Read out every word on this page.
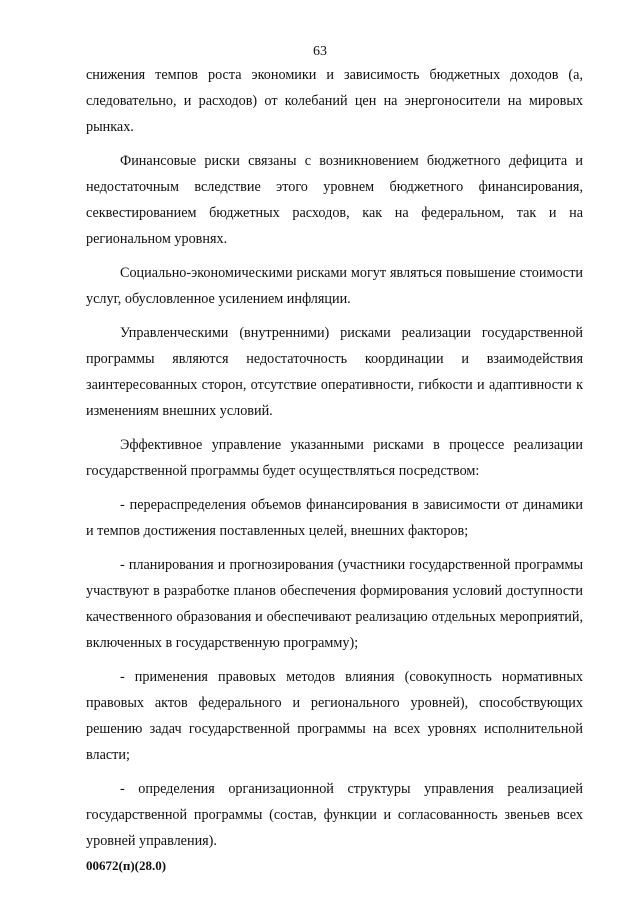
63

снижения темпов роста экономики и зависимость бюджетных доходов (а, следовательно, и расходов) от колебаний цен на энергоносители на мировых рынках.

Финансовые риски связаны с возникновением бюджетного дефицита и недостаточным вследствие этого уровнем бюджетного финансирования, секвестированием бюджетных расходов, как на федеральном, так и на региональном уровнях.

Социально-экономическими рисками могут являться повышение стоимости услуг, обусловленное усилением инфляции.

Управленческими (внутренними) рисками реализации государственной программы являются недостаточность координации и взаимодействия заинтересованных сторон, отсутствие оперативности, гибкости и адаптивности к изменениям внешних условий.

Эффективное управление указанными рисками в процессе реализации государственной программы будет осуществляться посредством:

- перераспределения объемов финансирования в зависимости от динамики и темпов достижения поставленных целей, внешних факторов;

- планирования и прогнозирования (участники государственной программы участвуют в разработке планов обеспечения формирования условий доступности качественного образования и обеспечивают реализацию отдельных мероприятий, включенных в государственную программу);

- применения правовых методов влияния (совокупность нормативных правовых актов федерального и регионального уровней), способствующих решению задач государственной программы на всех уровнях исполнительной власти;

- определения организационной структуры управления реализацией государственной программы (состав, функции и согласованность звеньев всех уровней управления).

00672(п)(28.0)
